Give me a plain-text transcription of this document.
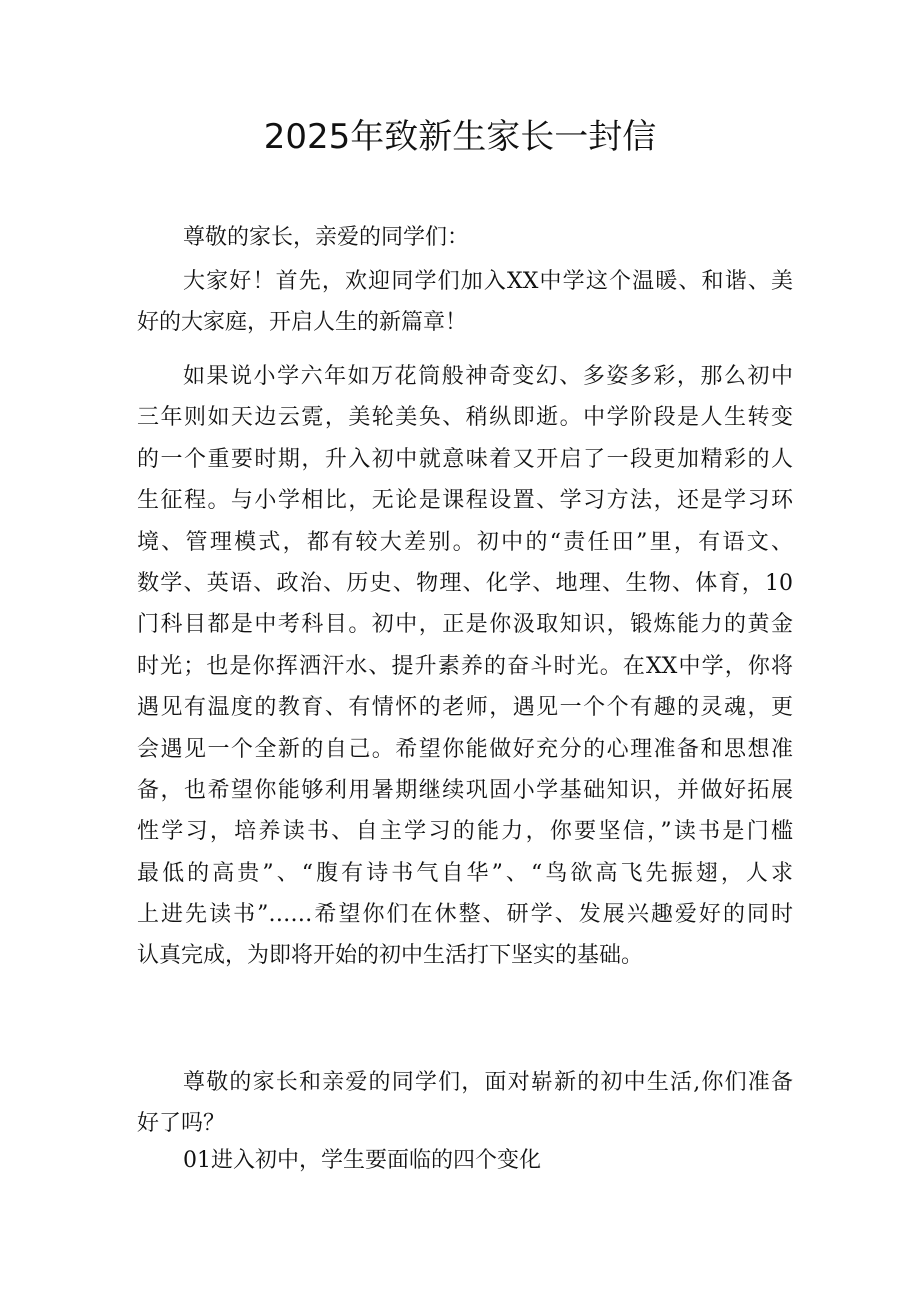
2025年致新生家长一封信

尊敬的家长，亲爱的同学们：

大家好！首先，欢迎同学们加入XX中学这个温暖、和谐、美
好的大家庭，开启人生的新篇章！

如果说小学六年如万花筒般神奇变幻、多姿多彩，那么初中
三年则如天边云霓，美轮美奂、稍纵即逝。中学阶段是人生转变
的一个重要时期，升入初中就意味着又开启了一段更加精彩的人
生征程。与小学相比，无论是课程设置、学习方法，还是学习环
境、管理模式，都有较大差别。初中的“责任田”里，有语文、
数学、英语、政治、历史、物理、化学、地理、生物、体育，10
门科目都是中考科目。初中，正是你汲取知识，锻炼能力的黄金
时光；也是你挥洒汗水、提升素养的奋斗时光。在XX中学，你将
遇见有温度的教育、有情怀的老师，遇见一个个有趣的灵魂，更
会遇见一个全新的自己。希望你能做好充分的心理准备和思想准
备，也希望你能够利用暑期继续巩固小学基础知识，并做好拓展
性学习，培养读书、自主学习的能力，你要坚信，”读书是门槛
最低的高贵”、“腹有诗书气自华”、“鸟欲高飞先振翅，人求
上进先读书”……希望你们在休整、研学、发展兴趣爱好的同时
认真完成，为即将开始的初中生活打下坚实的基础。

尊敬的家长和亲爱的同学们，面对崭新的初中生活,你们准备
好了吗？

01进入初中，学生要面临的四个变化
